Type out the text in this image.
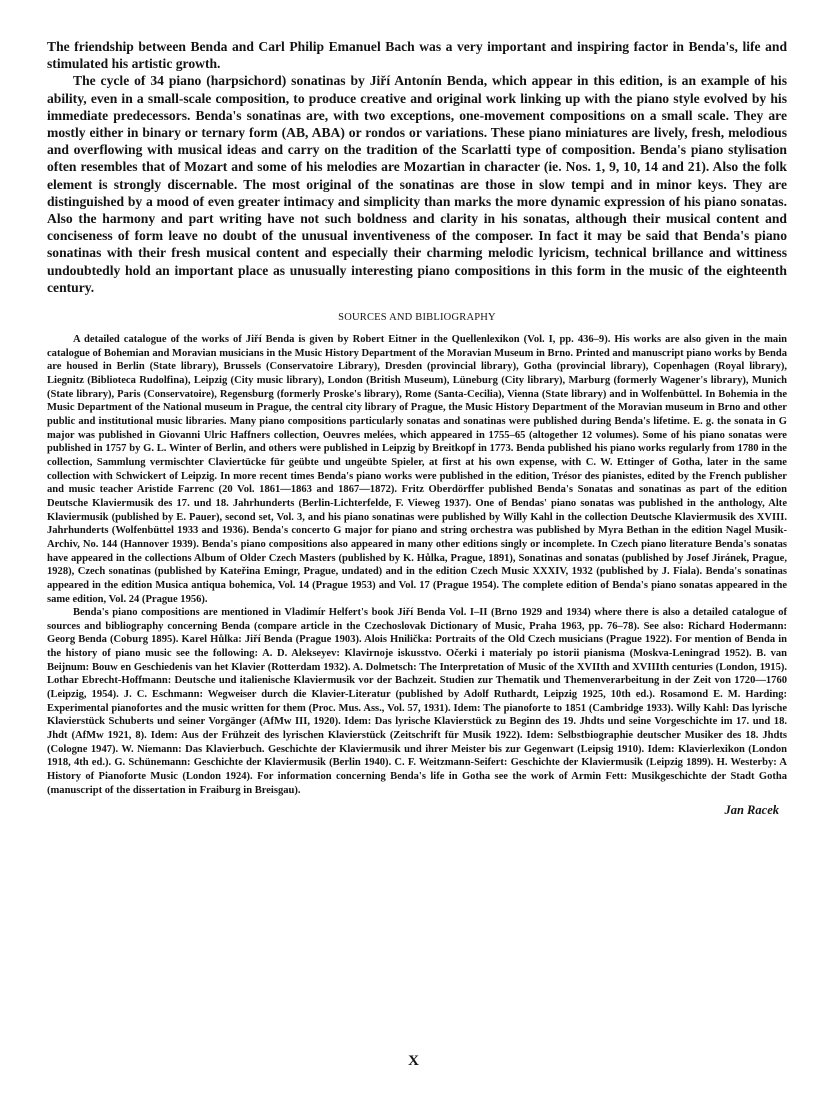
The friendship between Benda and Carl Philip Emanuel Bach was a very important and inspiring factor in Benda's, life and stimulated his artistic growth.

The cycle of 34 piano (harpsichord) sonatinas by Jiří Antonín Benda, which appear in this edition, is an example of his ability, even in a small-scale composition, to produce creative and original work linking up with the piano style evolved by his immediate predecessors. Benda's sonatinas are, with two exceptions, one-movement compositions on a small scale. They are mostly either in binary or ternary form (AB, ABA) or rondos or variations. These piano miniatures are lively, fresh, melodious and overflowing with musical ideas and carry on the tradition of the Scarlatti type of composition. Benda's piano stylisation often resembles that of Mozart and some of his melodies are Mozartian in character (ie. Nos. 1, 9, 10, 14 and 21). Also the folk element is strongly discernable. The most original of the sonatinas are those in slow tempi and in minor keys. They are distinguished by a mood of even greater intimacy and simplicity than marks the more dynamic expression of his piano sonatas. Also the harmony and part writing have not such boldness and clarity in his sonatas, although their musical content and conciseness of form leave no doubt of the unusual inventiveness of the composer. In fact it may be said that Benda's piano sonatinas with their fresh musical content and especially their charming melodic lyricism, technical brillance and wittiness undoubtedly hold an important place as unusually interesting piano compositions in this form in the music of the eighteenth century.

SOURCES AND BIBLIOGRAPHY

A detailed catalogue of the works of Jiří Benda is given by Robert Eitner in the Quellenlexikon (Vol. I, pp. 436–9). His works are also given in the main catalogue of Bohemian and Moravian musicians in the Music History Department of the Moravian Museum in Brno. Printed and manuscript piano works by Benda are housed in Berlin (State library), Brussels (Conservatoire Library), Dresden (provincial library), Gotha (provincial library), Copenhagen (Royal library), Liegnitz (Biblioteca Rudolfina), Leipzig (City music library), London (British Museum), Lüneburg (City library), Marburg (formerly Wagener's library), Munich (State library), Paris (Conservatoire), Regensburg (formerly Proske's library), Rome (Santa-Cecilia), Vienna (State library) and in Wolfenbüttel. In Bohemia in the Music Department of the National museum in Prague, the central city library of Prague, the Music History Department of the Moravian museum in Brno and other public and institutional music libraries. Many piano compositions particularly sonatas and sonatinas were published during Benda's lifetime. E. g. the sonata in G major was published in Giovanni Ulric Haffners collection, Oeuvres melées, which appeared in 1755–65 (altogether 12 volumes). Some of his piano sonatas were published in 1757 by G. L. Winter of Berlin, and others were published in Leipzig by Breitkopf in 1773. Benda published his piano works regularly from 1780 in the collection, Sammlung vermischter Claviertücke für geübte und ungeübte Spieler, at first at his own expense, with C. W. Ettinger of Gotha, later in the same collection with Schwickert of Leipzig. In more recent times Benda's piano works were published in the edition, Trésor des pianistes, edited by the French publisher and music teacher Aristide Farrenc (20 Vol. 1861—1863 and 1867—1872). Fritz Oberdörffer published Benda's Sonatas and sonatinas as part of the edition Deutsche Klaviermusik des 17. und 18. Jahrhunderts (Berlin-Lichterfelde, F. Vieweg 1937). One of Bendas' piano sonatas was published in the anthology, Alte Klaviermusik (published by E. Pauer), second set, Vol. 3, and his piano sonatinas were published by Willy Kahl in the collection Deutsche Klaviermusik des XVIII. Jahrhunderts (Wolfenbüttel 1933 and 1936). Benda's concerto G major for piano and string orchestra was published by Myra Bethan in the edition Nagel Musik-Archiv, No. 144 (Hannover 1939). Benda's piano compositions also appeared in many other editions singly or incomplete. In Czech piano literature Benda's sonatas have appeared in the collections Album of Older Czech Masters (published by K. Hůlka, Prague, 1891), Sonatinas and sonatas (published by Josef Jiránek, Prague, 1928), Czech sonatinas (published by Kateřina Emingr, Prague, undated) and in the edition Czech Music XXXIV, 1932 (published by J. Fiala). Benda's sonatinas appeared in the edition Musica antiqua bohemica, Vol. 14 (Prague 1953) and Vol. 17 (Prague 1954). The complete edition of Benda's piano sonatas appeared in the same edition, Vol. 24 (Prague 1956).

Benda's piano compositions are mentioned in Vladimír Helfert's book Jiří Benda Vol. I–II (Brno 1929 and 1934) where there is also a detailed catalogue of sources and bibliography concerning Benda (compare article in the Czechoslovak Dictionary of Music, Praha 1963, pp. 76–78). See also: Richard Hodermann: Georg Benda (Coburg 1895). Karel Hůlka: Jiří Benda (Prague 1903). Alois Hnilička: Portraits of the Old Czech musicians (Prague 1922). For mention of Benda in the history of piano music see the following: A. D. Alekseyev: Klavirnoje iskusstvo. Očerki i materialy po istorii pianisma (Moskva-Leningrad 1952). B. van Beijnum: Bouw en Geschiedenis van het Klavier (Rotterdam 1932). A. Dolmetsch: The Interpretation of Music of the XVIIth and XVIIIth centuries (London, 1915). Lothar Ebrecht-Hoffmann: Deutsche und italienische Klaviermusik vor der Bachzeit. Studien zur Thematik und Themenverarbeitung in der Zeit von 1720—1760 (Leipzig, 1954). J. C. Eschmann: Wegweiser durch die Klavier-Literatur (published by Adolf Ruthardt, Leipzig 1925, 10th ed.). Rosamond E. M. Harding: Experimental pianofortes and the music written for them (Proc. Mus. Ass., Vol. 57, 1931). Idem: The pianoforte to 1851 (Cambridge 1933). Willy Kahl: Das lyrische Klavierstück Schuberts und seiner Vorgänger (AfMw III, 1920). Idem: Das lyrische Klavierstück zu Beginn des 19. Jhdts und seine Vorgeschichte im 17. und 18. Jhdt (AfMw 1921, 8). Idem: Aus der Frühzeit des lyrischen Klavierstück (Zeitschrift für Musik 1922). Idem: Selbstbiographie deutscher Musiker des 18. Jhdts (Cologne 1947). W. Niemann: Das Klavierbuch. Geschichte der Klaviermusik und ihrer Meister bis zur Gegenwart (Leipsig 1910). Idem: Klavierlexikon (London 1918, 4th ed.). G. Schünemann: Geschichte der Klaviermusik (Berlin 1940). C. F. Weitzmann-Seifert: Geschichte der Klaviermusik (Leipzig 1899). H. Westerby: A History of Pianoforte Music (London 1924). For information concerning Benda's life in Gotha see the work of Armin Fett: Musikgeschichte der Stadt Gotha (manuscript of the dissertation in Fraiburg in Breisgau).

Jan Racek
X
